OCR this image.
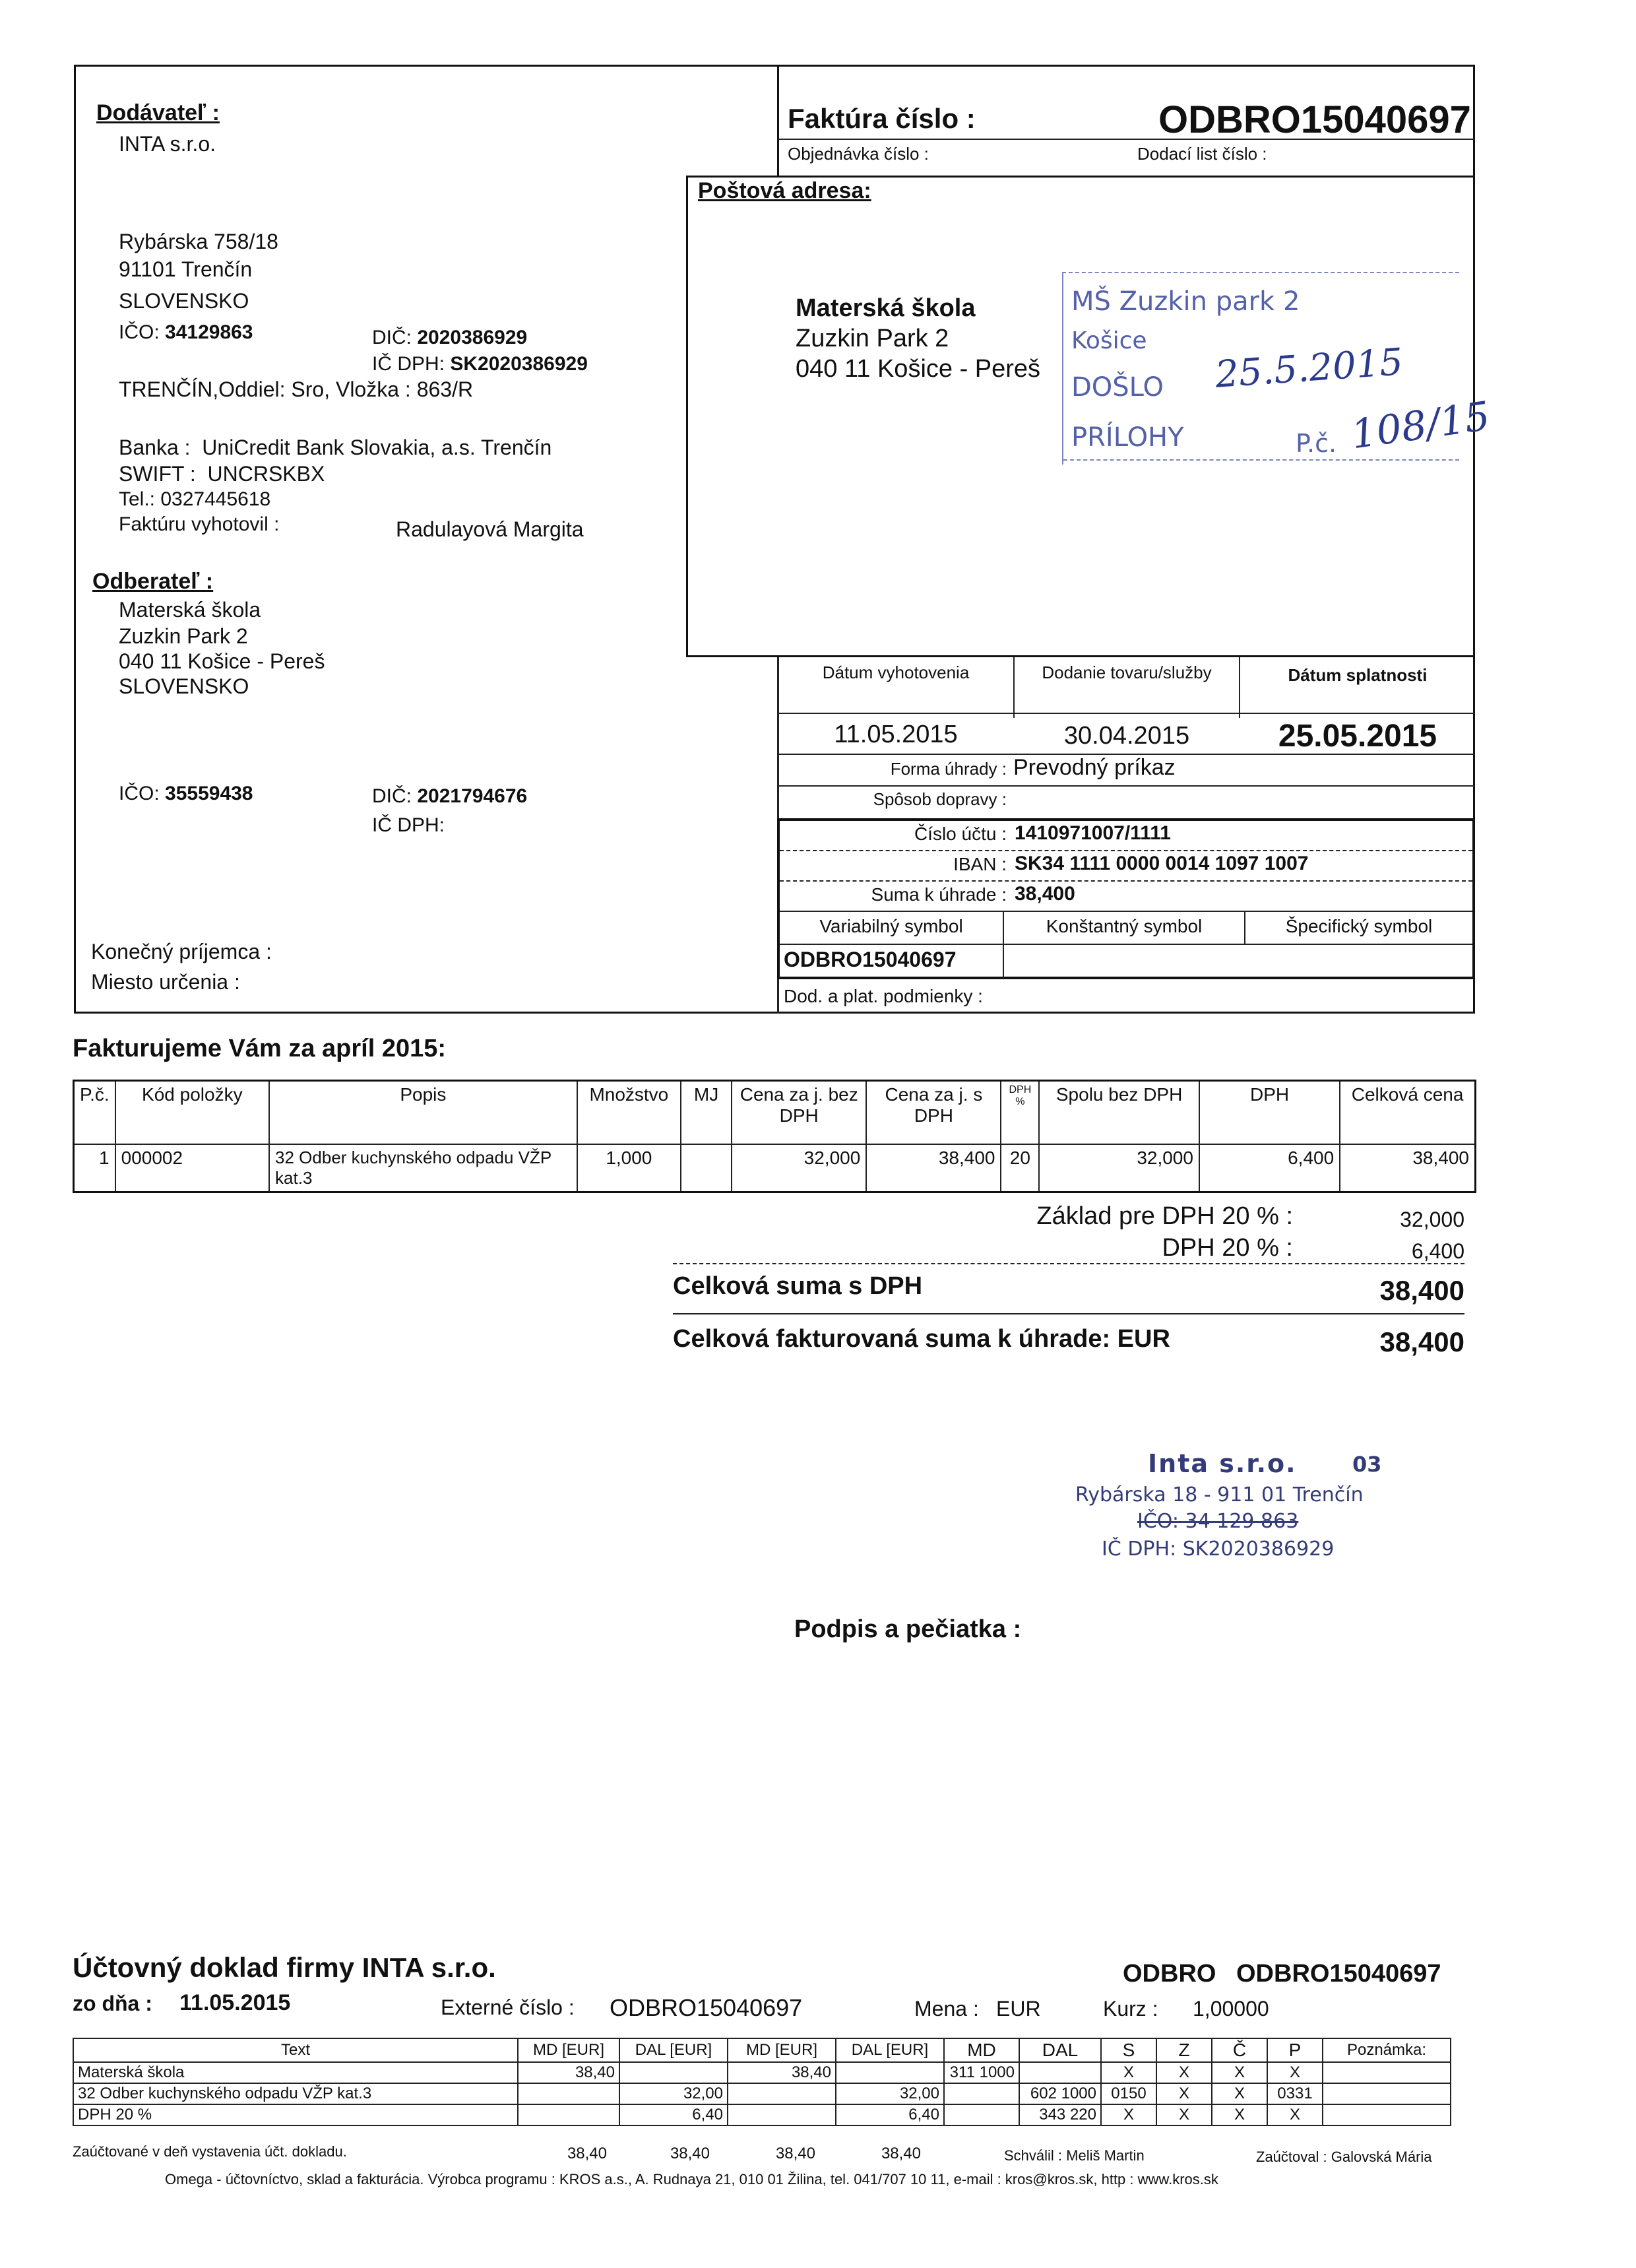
Dodávateľ :
INTA s.r.o.
Rybárska 758/18
91101 Trenčín
SLOVENSKO
IČO: 34129863	DIČ: 2020386929
IČ DPH: SK2020386929
TRENČÍN,Oddiel: Sro, Vložka : 863/R
Banka : UniCredit Bank Slovakia, a.s. Trenčín
SWIFT : UNCRSKBX
Tel.: 0327445618
Faktúru vyhotovil :	Radulayová Margita
Faktúra číslo :	ODBRO15040697
Objednávka číslo :	Dodací list číslo :
Poštová adresa:
Materská škola
Zuzkin Park 2
040 11 Košice - Pereš
MŠ Zuzkin park 2
Košice
DOŠLO 25.5.2015
PRÍLOHY	P.č. 108/15
Odberateľ :
Materská škola
Zuzkin Park 2
040 11 Košice - Pereš
SLOVENSKO
IČO: 35559438	DIČ: 2021794676
IČ DPH:
Konečný príjemca :
Miesto určenia :
Dátum vyhotovenia	Dodanie tovaru/služby	Dátum splatnosti
11.05.2015	30.04.2015	25.05.2015
Forma úhrady : Prevodný príkaz
Spôsob dopravy :
Číslo účtu : 1410971007/1111
IBAN : SK34 1111 0000 0014 1097 1007
Suma k úhrade : 38,400
Variabilný symbol	Konštantný symbol	Špecifický symbol
ODBRO15040697
Dod. a plat. podmienky :
Fakturujeme Vám za apríl 2015:
P.č.	Kód položky	Popis	Množstvo	MJ	Cena za j. bez DPH	Cena za j. s DPH	DPH %	Spolu bez DPH	DPH	Celková cena
1	000002	32 Odber kuchynského odpadu VŽP kat.3	1,000		32,000	38,400	20	32,000	6,400	38,400
Základ pre DPH 20 % :	32,000
DPH 20 % :	6,400
Celková suma s DPH	38,400
Celková fakturovaná suma k úhrade: EUR	38,400
Inta s.r.o.	03
Rybárska 18 - 911 01 Trenčín
IČO: 34 129 863
IČ DPH: SK2020386929
Podpis a pečiatka :
Účtovný doklad firmy INTA s.r.o.	ODBRO ODBRO15040697
zo dňa : 11.05.2015	Externé číslo : ODBRO15040697	Mena : EUR	Kurz : 1,00000
Text	MD [EUR]	DAL [EUR]	MD [EUR]	DAL [EUR]	MD	DAL	S	Z	Č	P	Poznámka:
Materská škola	38,40		38,40		311 1000		X	X	X	X	
32 Odber kuchynského odpadu VŽP kat.3		32,00		32,00		602 1000	0150	X	X	0331	
DPH 20 %		6,40		6,40		343 220	X	X	X	X	
Zaúčtované v deň vystavenia účt. dokladu.	38,40	38,40	38,40	38,40	Schválil : Meliš Martin	Zaúčtoval : Galovská Mária
Omega - účtovníctvo, sklad a fakturácia. Výrobca programu : KROS a.s., A. Rudnaya 21, 010 01 Žilina, tel. 041/707 10 11, e-mail : kros@kros.sk, http : www.kros.sk
